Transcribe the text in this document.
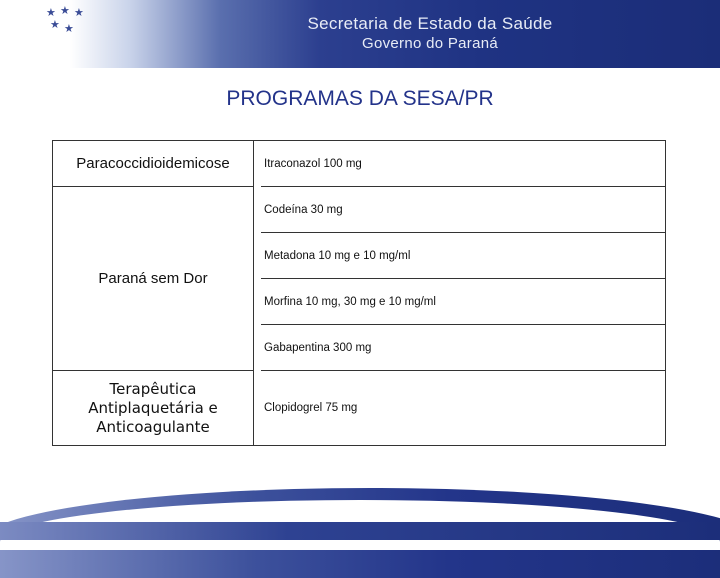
★ ★ ★
★ ★	Secretaria de Estado da Saúde
Governo do Paraná
PROGRAMAS DA SESA/PR
Paracoccidioidemicose		Itraconazol 100 mg
Paraná sem Dor		Codeína 30 mg
		Metadona 10 mg e 10 mg/ml
		Morfina 10 mg, 30 mg e 10 mg/ml
		Gabapentina 300 mg
Terapêutica Antiplaquetária e Anticoagulante		Clopidogrel 75 mg
